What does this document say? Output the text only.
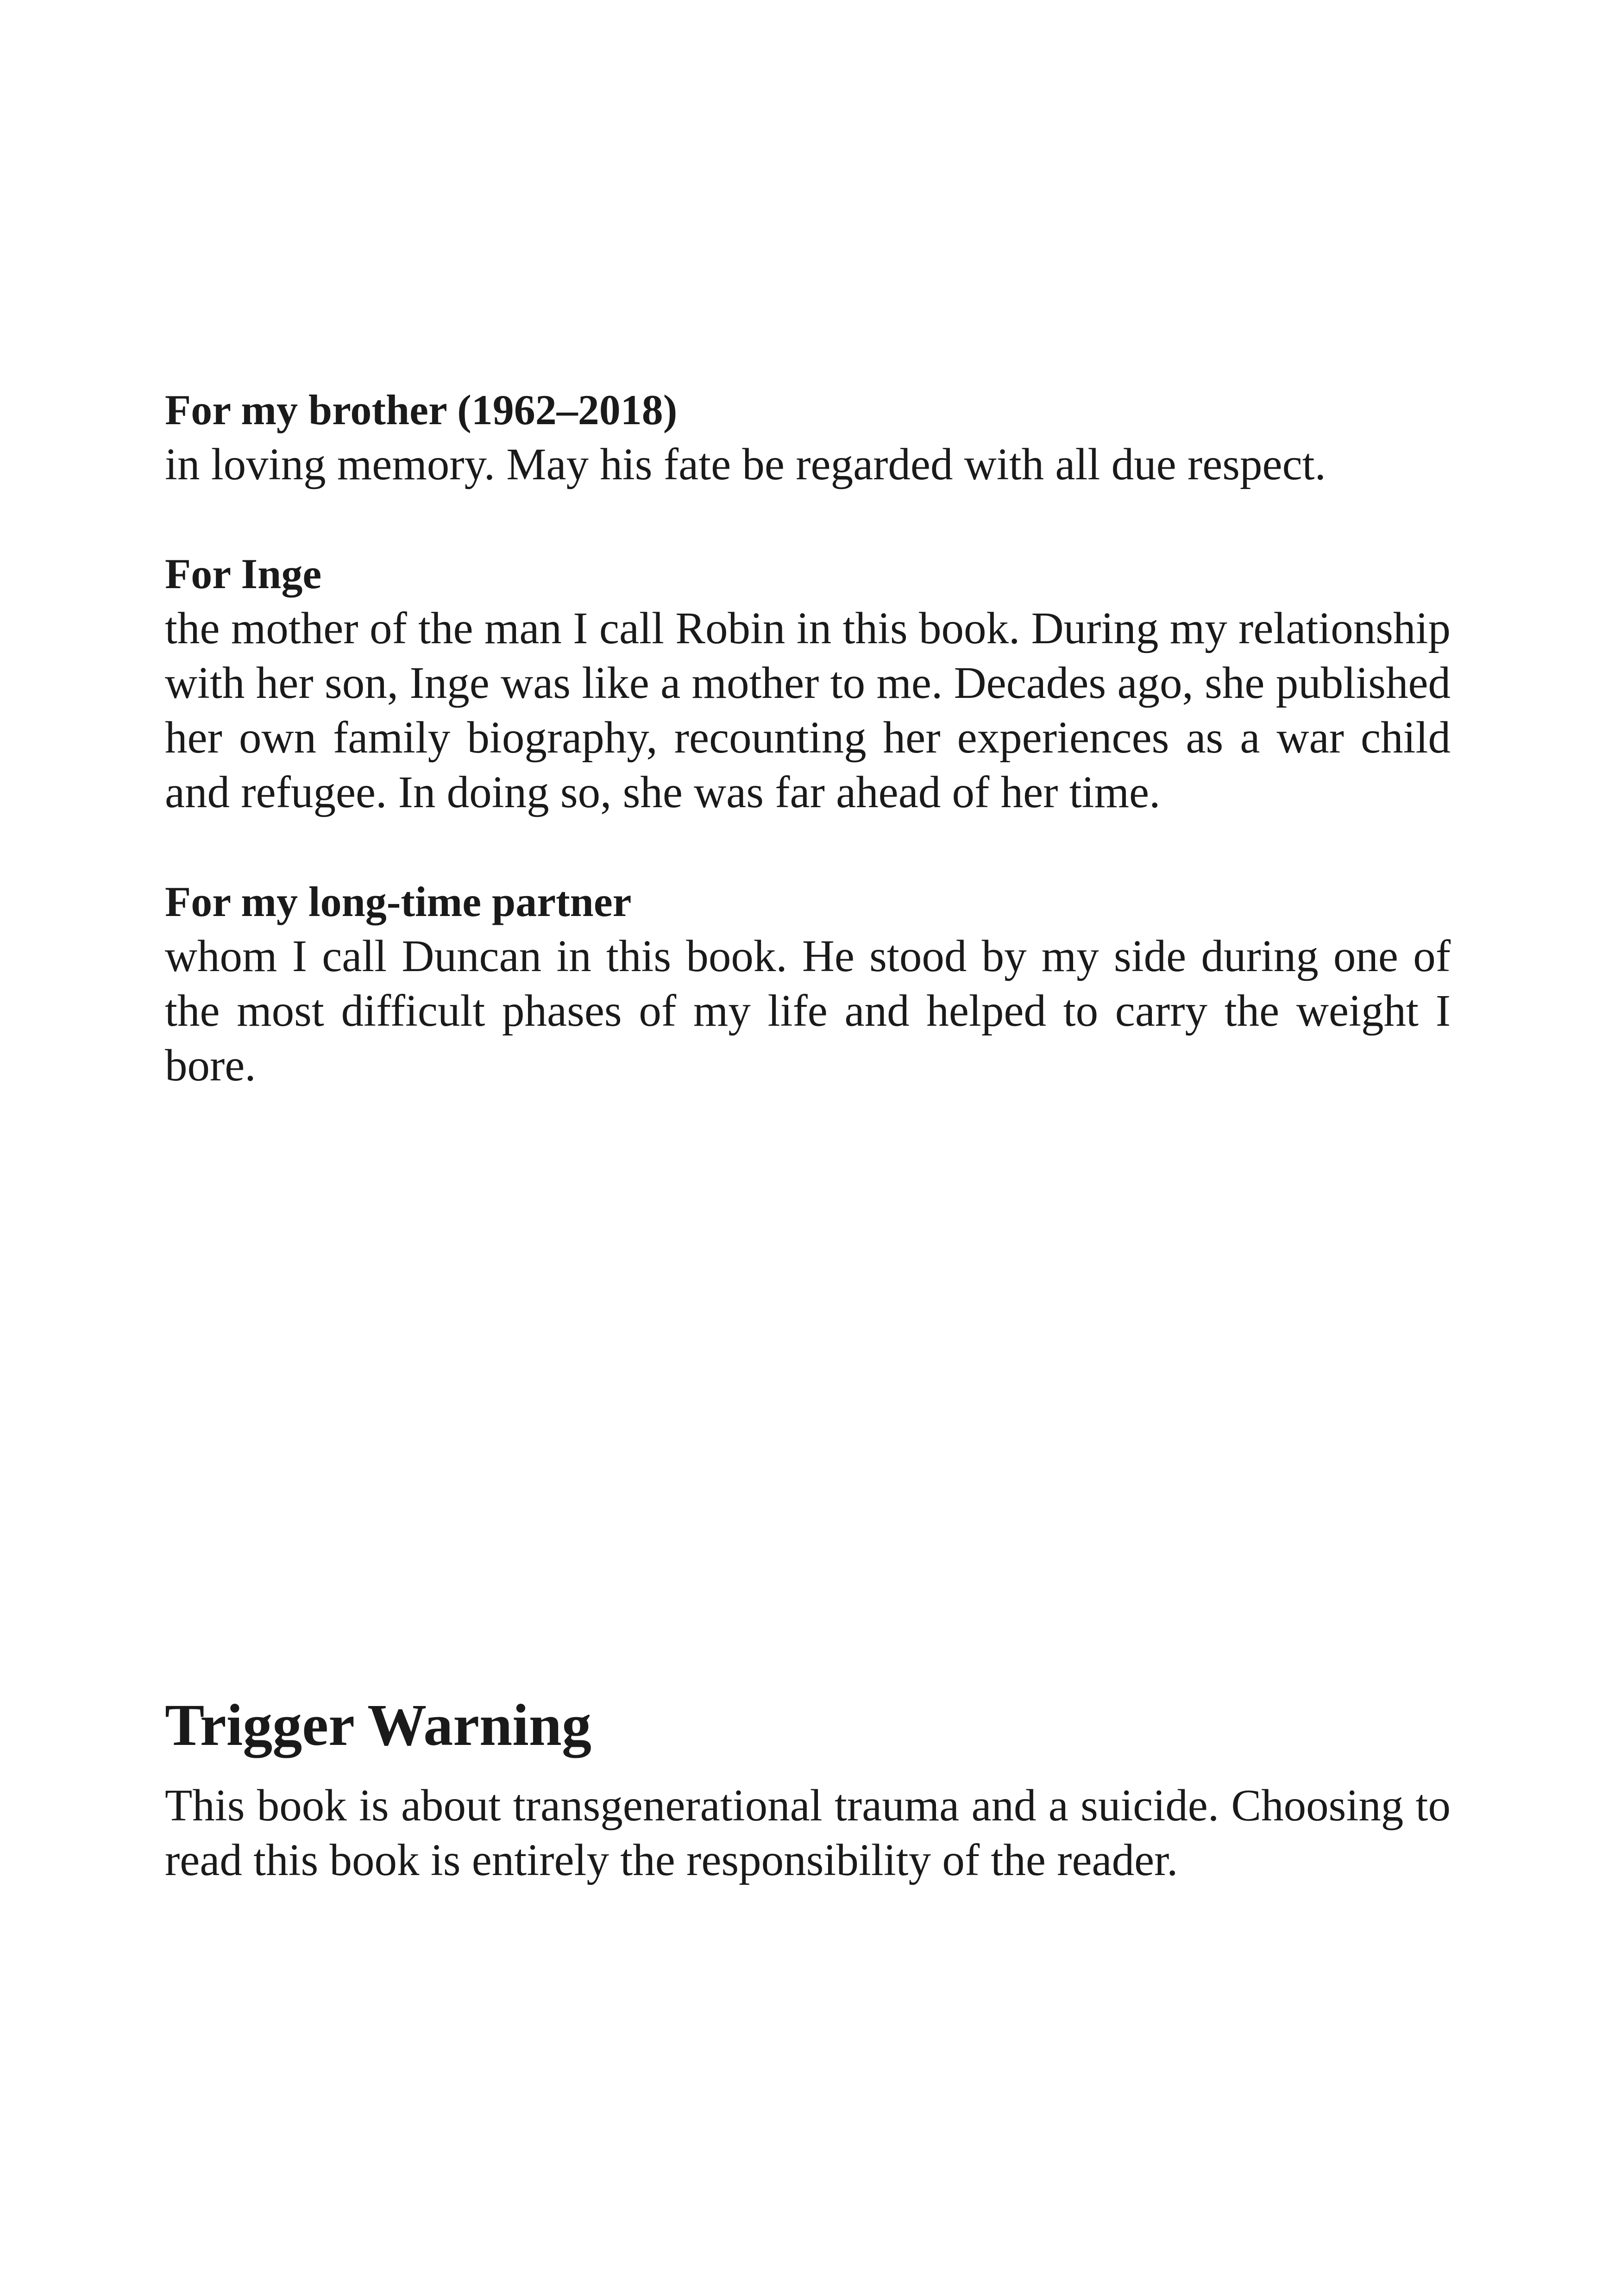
For my brother (1962–2018)

in loving memory. May his fate be regarded with all due respect.

For Inge

the mother of the man I call Robin in this book. During my relationship with her son, Inge was like a mother to me. Decades ago, she published her own family biography, recounting her experiences as a war child and refugee. In doing so, she was far ahead of her time.

For my long-time partner

whom I call Duncan in this book. He stood by my side during one of the most difficult phases of my life and helped to carry the weight I bore.

Trigger Warning

This book is about transgenerational trauma and a suicide. Choosing to read this book is entirely the responsibility of the reader.
